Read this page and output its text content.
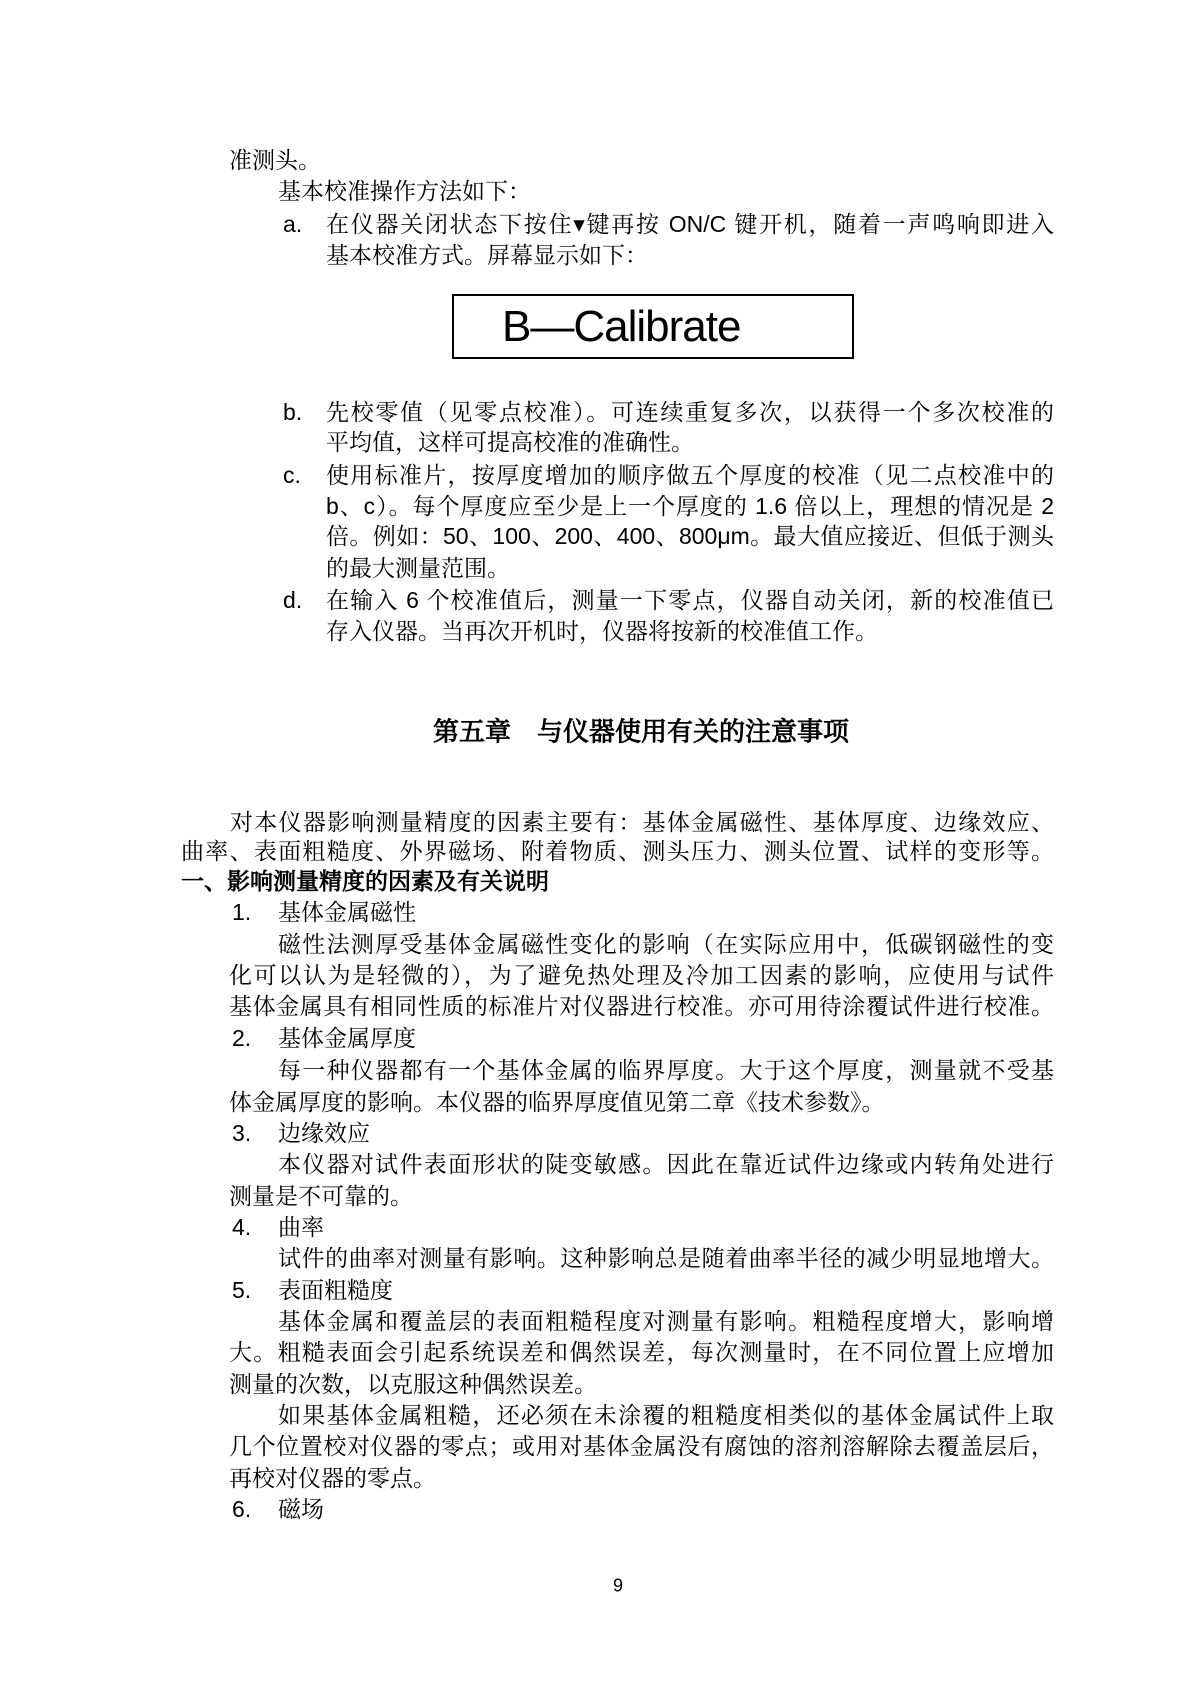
准测头。
基本校准操作方法如下：
a. 在仪器关闭状态下按住▾键再按 ON/C 键开机，随着一声鸣响即进入
基本校准方式。屏幕显示如下：
B—Calibrate
b. 先校零值（见零点校准）。可连续重复多次，以获得一个多次校准的
平均值，这样可提高校准的准确性。
c. 使用标准片，按厚度增加的顺序做五个厚度的校准（见二点校准中的
b、c）。每个厚度应至少是上一个厚度的 1.6 倍以上，理想的情况是 2
倍。例如：50、100、200、400、800μm。最大值应接近、但低于测头
的最大测量范围。
d. 在输入 6 个校准值后，测量一下零点，仪器自动关闭，新的校准值已
存入仪器。当再次开机时，仪器将按新的校准值工作。
第五章　与仪器使用有关的注意事项
对本仪器影响测量精度的因素主要有：基体金属磁性、基体厚度、边缘效应、
曲率、表面粗糙度、外界磁场、附着物质、测头压力、测头位置、试样的变形等。
一、影响测量精度的因素及有关说明
1. 基体金属磁性
磁性法测厚受基体金属磁性变化的影响（在实际应用中，低碳钢磁性的变
化可以认为是轻微的），为了避免热处理及冷加工因素的影响，应使用与试件
基体金属具有相同性质的标准片对仪器进行校准。亦可用待涂覆试件进行校准。
2. 基体金属厚度
每一种仪器都有一个基体金属的临界厚度。大于这个厚度，测量就不受基
体金属厚度的影响。本仪器的临界厚度值见第二章《技术参数》。
3. 边缘效应
本仪器对试件表面形状的陡变敏感。因此在靠近试件边缘或内转角处进行
测量是不可靠的。
4. 曲率
试件的曲率对测量有影响。这种影响总是随着曲率半径的减少明显地增大。
5. 表面粗糙度
基体金属和覆盖层的表面粗糙程度对测量有影响。粗糙程度增大，影响增
大。粗糙表面会引起系统误差和偶然误差，每次测量时，在不同位置上应增加
测量的次数，以克服这种偶然误差。
如果基体金属粗糙，还必须在未涂覆的粗糙度相类似的基体金属试件上取
几个位置校对仪器的零点；或用对基体金属没有腐蚀的溶剂溶解除去覆盖层后，
再校对仪器的零点。
6. 磁场
9
